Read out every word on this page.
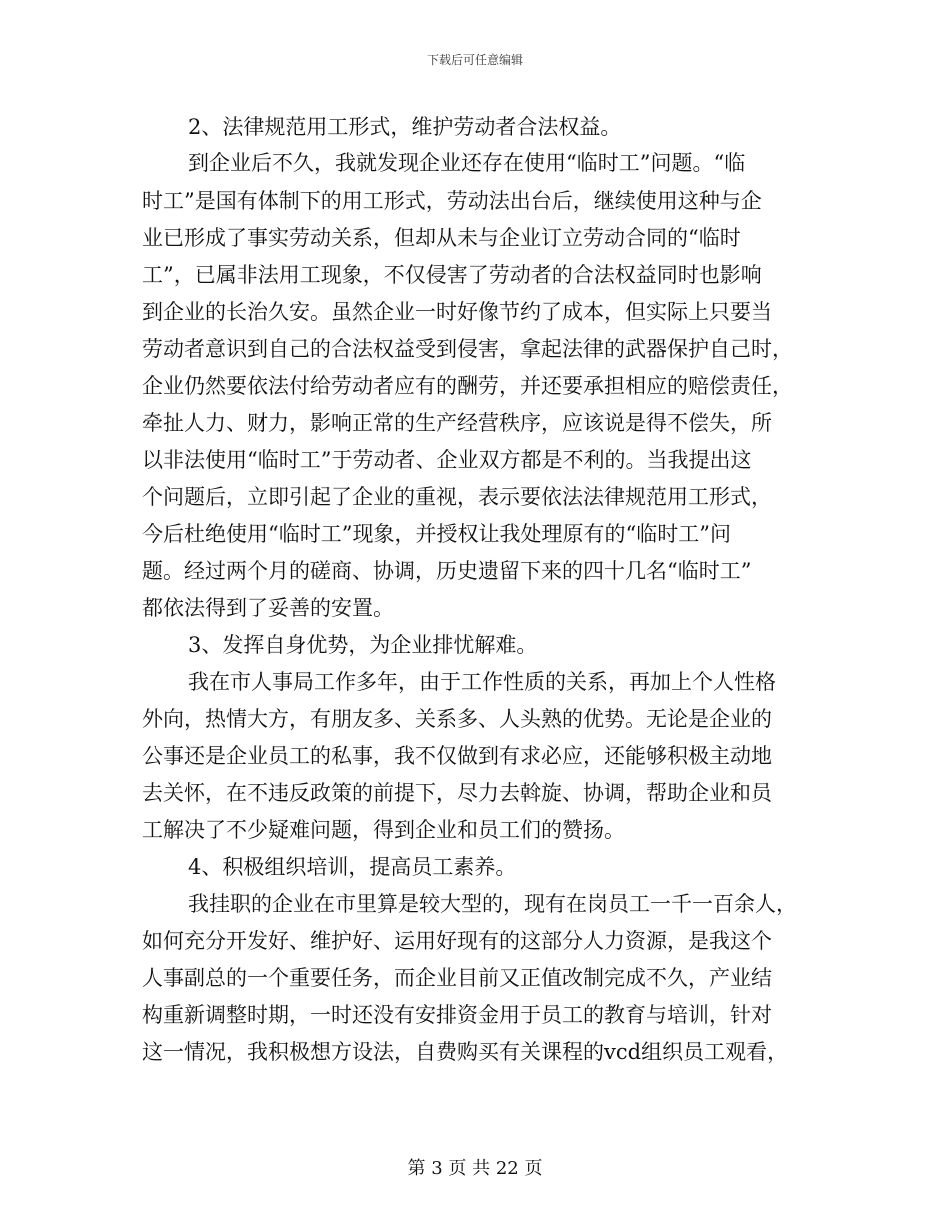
下载后可任意编辑
2、法律规范用工形式，维护劳动者合法权益。
到企业后不久，我就发现企业还存在使用“临时工”问题。“临
时工”是国有体制下的用工形式，劳动法出台后，继续使用这种与企
业已形成了事实劳动关系，但却从未与企业订立劳动合同的“临时
工”，已属非法用工现象，不仅侵害了劳动者的合法权益同时也影响
到企业的长治久安。虽然企业一时好像节约了成本，但实际上只要当
劳动者意识到自己的合法权益受到侵害，拿起法律的武器保护自己时，
企业仍然要依法付给劳动者应有的酬劳，并还要承担相应的赔偿责任，
牵扯人力、财力，影响正常的生产经营秩序，应该说是得不偿失，所
以非法使用“临时工”于劳动者、企业双方都是不利的。当我提出这
个问题后，立即引起了企业的重视，表示要依法法律规范用工形式，
今后杜绝使用“临时工”现象，并授权让我处理原有的“临时工”问
题。经过两个月的磋商、协调，历史遗留下来的四十几名“临时工”
都依法得到了妥善的安置。
3、发挥自身优势，为企业排忧解难。
我在市人事局工作多年，由于工作性质的关系，再加上个人性格
外向，热情大方，有朋友多、关系多、人头熟的优势。无论是企业的
公事还是企业员工的私事，我不仅做到有求必应，还能够积极主动地
去关怀，在不违反政策的前提下，尽力去斡旋、协调，帮助企业和员
工解决了不少疑难问题，得到企业和员工们的赞扬。
4、积极组织培训，提高员工素养。
我挂职的企业在市里算是较大型的，现有在岗员工一千一百余人，
如何充分开发好、维护好、运用好现有的这部分人力资源，是我这个
人事副总的一个重要任务，而企业目前又正值改制完成不久，产业结
构重新调整时期，一时还没有安排资金用于员工的教育与培训，针对
这一情况，我积极想方设法，自费购买有关课程的vcd组织员工观看，
第 3 页 共 22 页
